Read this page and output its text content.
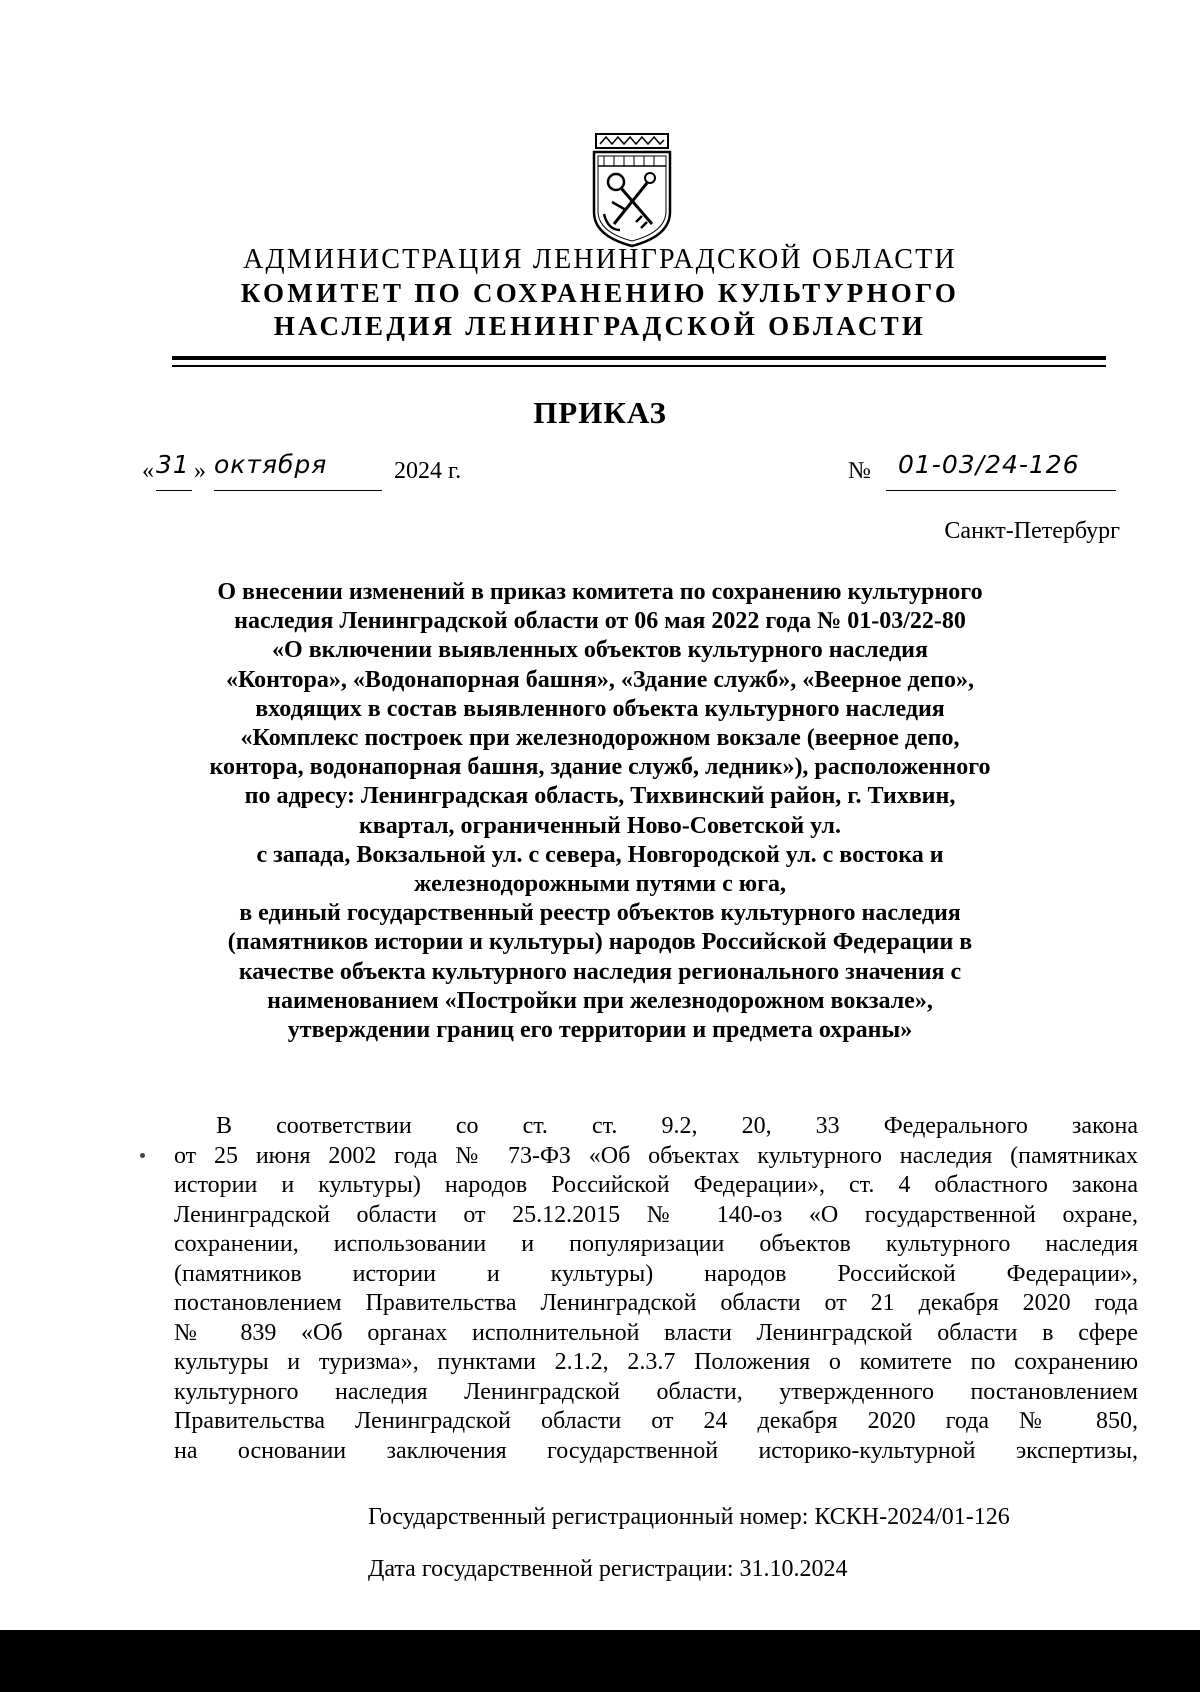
АДМИНИСТРАЦИЯ ЛЕНИНГРАДСКОЙ ОБЛАСТИ
КОМИТЕТ ПО СОХРАНЕНИЮ КУЛЬТУРНОГО
НАСЛЕДИЯ ЛЕНИНГРАДСКОЙ ОБЛАСТИ
ПРИКАЗ
« 31 » октября	2024 г.	№ 01-03/24-126
Санкт-Петербург
О внесении изменений в приказ комитета по сохранению культурного
наследия Ленинградской области от 06 мая 2022 года № 01-03/22-80
«О включении выявленных объектов культурного наследия
«Контора», «Водонапорная башня», «Здание служб», «Веерное депо»,
входящих в состав выявленного объекта культурного наследия
«Комплекс построек при железнодорожном вокзале (веерное депо,
контора, водонапорная башня, здание служб, ледник»), расположенного
по адресу: Ленинградская область, Тихвинский район, г. Тихвин,
квартал, ограниченный Ново-Советской ул.
с запада, Вокзальной ул. с севера, Новгородской ул. с востока и
железнодорожными путями с юга,
в единый государственный реестр объектов культурного наследия
(памятников истории и культуры) народов Российской Федерации в
качестве объекта культурного наследия регионального значения с
наименованием «Постройки при железнодорожном вокзале»,
утверждении границ его территории и предмета охраны»
В соответствии со ст. ст. 9.2, 20, 33 Федерального закона
от 25 июня 2002 года № 73-ФЗ «Об объектах культурного наследия (памятниках
истории и культуры) народов Российской Федерации», ст. 4 областного закона
Ленинградской области от 25.12.2015 № 140-оз «О государственной охране,
сохранении, использовании и популяризации объектов культурного наследия
(памятников истории и культуры) народов Российской Федерации»,
постановлением Правительства Ленинградской области от 21 декабря 2020 года
№ 839 «Об органах исполнительной власти Ленинградской области в сфере
культуры и туризма», пунктами 2.1.2, 2.3.7 Положения о комитете по сохранению
культурного наследия Ленинградской области, утвержденного постановлением
Правительства Ленинградской области от 24 декабря 2020 года № 850,
на основании заключения государственной историко-культурной экспертизы,
Государственный регистрационный номер: КСКН-2024/01-126
Дата государственной регистрации: 31.10.2024
